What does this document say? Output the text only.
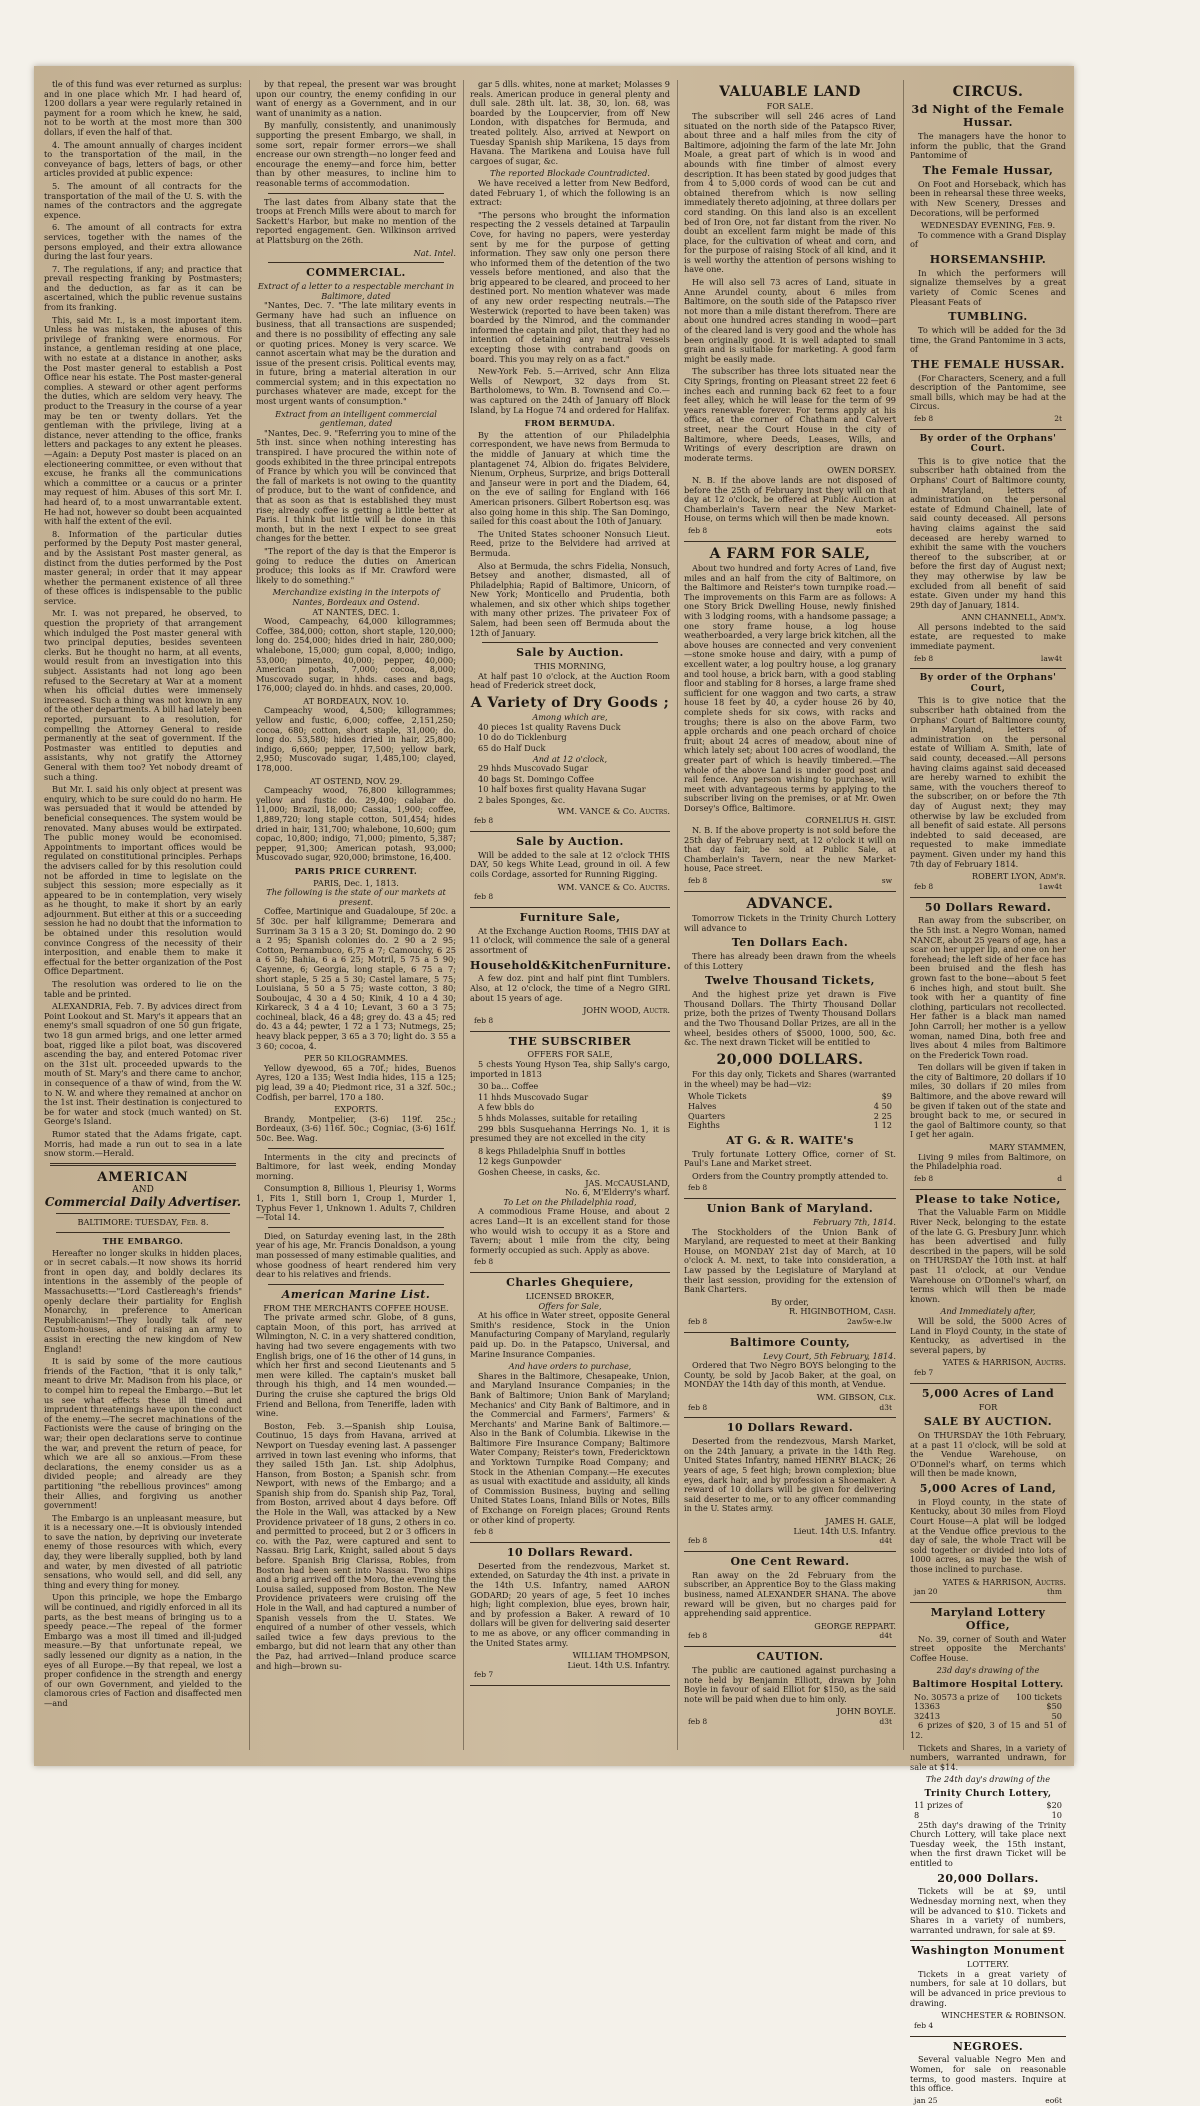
tle of this fund was ever returned as surplus: and in one place which Mr. I had heard of, 1200 dollars a year were regularly retained in payment for a room which he knew, he said, not to be worth at the most more than 300 dollars, if even the half of that.

4. The amount annually of charges incident to the transportation of the mail, in the conveyance of bags, letters of bags, or other articles provided at public expence:

5. The amount of all contracts for the transportation of the mail of the U. S. with the names of the contractors and the aggregate expence.

6. The amount of all contracts for extra services, together with the names of the persons employed, and their extra allowance during the last four years.

7. The regulations, if any; and practice that prevail respecting franking by Postmasters; and the deduction, as far as it can be ascertained, which the public revenue sustains from its franking.

This, said Mr. I., is a most important item. Unless he was mistaken, the abuses of this privilege of franking were enormous. For instance, a gentleman residing at one place, with no estate at a distance in another, asks the Post master general to establish a Post Office near his estate. The Post master-general complies. A steward or other agent performs the duties, which are seldom very heavy. The product to the Treasury in the course of a year may be ten or twenty dollars. Yet the gentleman with the privilege, living at a distance, never attending to the office, franks letters and packages to any extent he pleases.—Again: a Deputy Post master is placed on an electioneering committee, or even without that excuse, he franks all the communications which a committee or a caucus or a printer may request of him. Abuses of this sort Mr. I. had heard of, to a most unwarrantable extent. He had not, however so doubt been acquainted with half the extent of the evil.

8. Information of the particular duties performed by the Deputy Post master general, and by the Assistant Post master general, as distinct from the duties performed by the Post master general; in order that it may appear whether the permanent existence of all three of these offices is indispensable to the public service.

Mr. I. was not prepared, he observed, to question the propriety of that arrangement which indulged the Post master general with two principal deputies, besides seventeen clerks. But he thought no harm, at all events, would result from an investigation into this subject. Assistants had not long ago been refused to the Secretary at War at a moment when his official duties were immensely increased. Such a thing was not known in any of the other departments. A bill had lately been reported, pursuant to a resolution, for compelling the Attorney General to reside permanently at the seat of government. If the Postmaster was entitled to deputies and assistants, why not gratify the Attorney General with them too? Yet nobody dreamt of such a thing.

But Mr. I. said his only object at present was enquiry, which to be sure could do no harm. He was persuaded that it would be attended by beneficial consequences. The system would be renovated. Many abuses would be extirpated. The public money would be economised. Appointments to important offices would be regulated on constitutional principles. Perhaps the advisers called for by this resolution could not be afforded in time to legislate on the subject this session; more especially as it appeared to be in contemplation, very wisely as he thought, to make it short by an early adjournment. But either at this or a succeeding session he had no doubt that the information to be obtained under this resolution would convince Congress of the necessity of their interposition, and enable them to make it effectual for the better organization of the Post Office Department.

The resolution was ordered to lie on the table and be printed.

ALEXANDRIA, Feb. 7. By advices direct from Point Lookout and St. Mary's it appears that an enemy's small squadron of one 50 gun frigate, two 18 gun armed brigs, and one letter armed boat, rigged like a pilot boat, was discovered ascending the bay, and entered Potomac river on the 31st ult. proceeded upwards to the mouth of St. Mary's and there came to anchor, in consequence of a thaw of wind, from the W. to N. W. and where they remained at anchor on the 1st inst. Their destination is conjectured to be for water and stock (much wanted) on St. George's Island.

Rumor stated that the Adams frigate, capt. Morris, had made a run out to sea in a late snow storm.—Herald.

AMERICAN
AND
Commercial Daily Advertiser.
BALTIMORE: TUESDAY, Feb. 8.
THE EMBARGO.

Hereafter no longer skulks in hidden places, or in secret cabals.—It now shows its horrid front in open day, and boldly declares its intentions in the assembly of the people of Massachusetts:—"Lord Castlereagh's friends" openly declare their partiality for English Monarchy, in preference to American Republicanism!—They loudly talk of new Custom-houses, and of raising an army to assist in erecting the new kingdom of New England!

It is said by some of the more cautious friends of the Faction, "that it is only talk," meant to drive Mr. Madison from his place, or to compel him to repeal the Embargo.—But let us see what effects these ill timed and imprudent threatenings have upon the conduct of the enemy.—The secret machinations of the Factionists were the cause of bringing on the war; their open declarations serve to continue the war, and prevent the return of peace, for which we are all so anxious.—From these declarations, the enemy consider us as a divided people; and already are they partitioning "the rebellious provinces" among their Allies, and forgiving us another government!

The Embargo is an unpleasant measure, but it is a necessary one.—It is obviously intended to save the nation, by depriving our inveterate enemy of those resources with which, every day, they were liberally supplied, both by land and water, by men divested of all patriotic sensations, who would sell, and did sell, any thing and every thing for money.

Upon this principle, we hope the Embargo will be continued, and rigidly enforced in all its parts, as the best means of bringing us to a speedy peace.—The repeal of the former Embargo was a most ill timed and ill-judged measure.—By that unfortunate repeal, we sadly lessened our dignity as a nation, in the eyes of all Europe.—By that repeal, we lost a proper confidence in the strength and energy of our own Government, and yielded to the clamorous cries of Faction and disaffected men—and

by that repeal, the present war was brought upon our country, the enemy confiding in our want of energy as a Government, and in our want of unanimity as a nation.

By manfully, consistently, and unanimously supporting the present Embargo, we shall, in some sort, repair former errors—we shall encrease our own strength—no longer feed and encourage the enemy—and force him, better than by other measures, to incline him to reasonable terms of accommodation.

The last dates from Albany state that the troops at French Mills were about to march for Sackett's Harbor, but make no mention of the reported engagement. Gen. Wilkinson arrived at Plattsburg on the 26th.

Nat. Intel.
COMMERCIAL.
Extract of a letter to a respectable merchant in Baltimore, dated

"Nantes, Dec. 7. "The late military events in Germany have had such an influence on business, that all transactions are suspended; and there is no possibility of effecting any sale or quoting prices. Money is very scarce. We cannot ascertain what may be the duration and issue of the present crisis. Political events may, in future, bring a material alteration in our commercial system; and in this expectation no purchases whatever are made, except for the most urgent wants of consumption."

Extract from an intelligent commercial gentleman, dated

"Nantes, Dec. 9. "Referring you to mine of the 5th inst. since when nothing interesting has transpired. I have procured the within note of goods exhibited in the three principal entrepots of France by which you will be convinced that the fall of markets is not owing to the quantity of produce, but to the want of confidence, and that as soon as that is established they must rise; already coffee is getting a little better at Paris. I think but little will be done in this month, but in the next I expect to see great changes for the better.

"The report of the day is that the Emperor is going to reduce the duties on American produce; this looks as if Mr. Crawford were likely to do something."

Merchandize existing in the interpots of Nantes, Bordeaux and Ostend.
AT NANTES, DEC. 1.

Wood, Campeachy, 64,000 killogrammes; Coffee, 384,000; cotton, short staple, 120,000; long do. 254,000; hides dried in hair, 280,000; whalebone, 15,000; gum copal, 8,000; indigo, 53,000; pimento, 40,000; pepper, 40,000; American potash, 7,000; cocoa, 8,000; Muscovado sugar, in hhds. cases and bags, 176,000; clayed do. in hhds. and cases, 20,000.

AT BORDEAUX, NOV. 10.

Campeachy wood, 4,500; killogrammes; yellow and fustic, 6,000; coffee, 2,151,250; cocoa, 680; cotton, short staple, 31,000; do. long do. 53,580; hides dried in hair, 25,800; indigo, 6,660; pepper, 17,500; yellow bark, 2,950; Muscovado sugar, 1,485,100; clayed, 178,000.

AT OSTEND, NOV. 29.

Campeachy wood, 76,800 killogrammes; yellow and fustic do. 29,400; calabar do. 11,000; Brazil, 18,000; Cassia, 1,900; coffee, 1,889,720; long staple cotton, 501,454; hides dried in hair, 131,700; whalebone, 10,600; gum copac, 10,800; indigo, 71,000; pimento, 5,387; pepper, 91,300; American potash, 93,000; Muscovado sugar, 920,000; brimstone, 16,400.

PARIS PRICE CURRENT.
PARIS, Dec. 1, 1813.
The following is the state of our markets at present.

Coffee, Martinique and Guadaloupe, 5f 20c. a 5f 30c. per half killgramme; Demerara and Surrinam 3a 3 15 a 3 20; St. Domingo do. 2 90 a 2 95; Spanish colonies do. 2 90 a 2 95; Cotton, Pernambuco, 6,75 a 7; Camouchy, 6 25 a 6 50; Bahia, 6 a 6 25; Motril, 5 75 a 5 90; Cayenne, 6; Georgia, long staple, 6 75 a 7; short staple, 5 25 a 5 30; Castel lamare, 5 75; Louisiana, 5 50 a 5 75; waste cotton, 3 80; Souboujac, 4 30 a 4 50; Kinik, 4 10 a 4 30; Kirkareck, 3 4 a 4 10; Levant, 3 60 a 3 75; cochineal, black, 46 a 48; grey do. 43 a 45; red do. 43 a 44; pewter, 1 72 a 1 73; Nutmegs, 25; heavy black pepper, 3 65 a 3 70; light do. 3 55 a 3 60; cocoa, 4.

PER 50 KILOGRAMMES.

Yellow dyewood, 65 a 70f.; hides, Buenos Ayres, 120 a 135; West India hides, 115 a 125; pig lead, 39 a 40; Piedmont rice, 31 a 32f. 50c.; Codfish, per barrel, 170 a 180.

EXPORTS.

Brandy, Montpelier, (3-6) 119f. 25c.; Bordeaux, (3-6) 116f. 50c.; Cogniac, (3-6) 161f. 50c. Bee. Wag.

Interments in the city and precincts of Baltimore, for last week, ending Monday morning.

Consumption 8, Billious 1, Pleurisy 1, Worms 1, Fits 1, Still born 1, Croup 1, Murder 1, Typhus Fever 1, Unknown 1. Adults 7, Children—Total 14.

Died, on Saturday evening last, in the 28th year of his age, Mr. Francis Donaldson, a young man possessed of many estimable qualities, and whose goodness of heart rendered him very dear to his relatives and friends.

American Marine List.
FROM THE MERCHANTS COFFEE HOUSE.

The private armed schr. Globe, of 8 guns, captain Moon, of this port, has arrived at Wilmington, N. C. in a very shattered condition, having had two severe engagements with two English brigs, one of 16 the other of 14 guns, in which her first and second Lieutenants and 5 men were killed. The captain's musket ball through his thigh, and 14 men wounded.—During the cruise she captured the brigs Old Friend and Bellona, from Teneriffe, laden with wine.

Boston, Feb. 3.—Spanish ship Louisa, Coutinuo, 15 days from Havana, arrived at Newport on Tuesday evening last. A passenger arrived in town last evening who informs, that they sailed 15th Jan. Lst. ship Adolphus, Hanson, from Boston; a Spanish schr. from Newport, with news of the Embargo; and a Spanish ship from do. Spanish ship Paz, Toral, from Boston, arrived about 4 days before. Off the Hole in the Wall, was attacked by a New Providence privateer of 18 guns, 2 others in co. and permitted to proceed, but 2 or 3 officers in co. with the Paz, were captured and sent to Nassau. Brig Lark, Knight, sailed about 5 days before. Spanish Brig Clarissa, Robles, from Boston had been sent into Nassau. Two ships and a brig arrived off the Moro, the evening the Louisa sailed, supposed from Boston. The New Providence privateers were cruising off the Hole in the Wall, and had captured a number of Spanish vessels from the U. States. We enquired of a number of other vessels, which sailed twice a few days previous to the embargo, but did not learn that any other than the Paz, had arrived—Inland produce scarce and high—brown su-

gar 5 dlls. whites, none at market; Molasses 9 reals. American produce in general plenty and dull sale. 28th ult. lat. 38, 30, lon. 68, was boarded by the Loupcervier, from off New London, with dispatches for Bermuda, and treated politely. Also, arrived at Newport on Tuesday Spanish ship Marikena, 15 days from Havana. The Marikena and Louisa have full cargoes of sugar, &c.

The reported Blockade Countradicted.

We have received a letter from New Bedford, dated February 1, of which the following is an extract:

"The persons who brought the information respecting the 2 vessels detained at Tarpaulin Cove, for having no papers, were yesterday sent by me for the purpose of getting information. They saw only one person there who informed them of the detention of the two vessels before mentioned, and also that the brig appeared to be cleared, and proceed to her destined port. No mention whatever was made of any new order respecting neutrals.—The Westerwick (reported to have been taken) was boarded by the Nimrod, and the commander informed the captain and pilot, that they had no intention of detaining any neutral vessels excepting those with contraband goods on board. This you may rely on as a fact."

New-York Feb. 5.—Arrived, schr Ann Eliza Wells of Newport, 32 days from St. Bartholomews, to Wm. B. Townsend and Co.—was captured on the 24th of January off Block Island, by La Hogue 74 and ordered for Halifax.

FROM BERMUDA.

By the attention of our Philadelphia correspondent, we have news from Bermuda to the middle of January at which time the plantagenet 74, Albion do. frigates Belvidere, Nienum, Orpheus, Surprize, and brigs Dotterall and Janseur were in port and the Diadem, 64, on the eve of sailing for England with 166 American prisoners. Gilbert Robertson esq. was also going home in this ship. The San Domingo, sailed for this coast about the 10th of January.

The United States schooner Nonsuch Lieut. Reed, prize to the Belvidere had arrived at Bermuda.

Also at Bermuda, the schrs Fidelia, Nonsuch, Betsey and another, dismasted, all of Philadelphia; Rapid of Baltimore, Unicorn, of New York; Monticello and Prudentia, both whalemen, and six other which ships together with many other prizes. The privateer Fox of Salem, had been seen off Bermuda about the 12th of January.

Sale by Auction.
THIS MORNING,

At half past 10 o'clock, at the Auction Room head of Frederick street dock,

A Variety of Dry Goods ;
Among which are,
40 pieces 1st quality Ravens Duck
10 do do Ticklenburg
65 do Half Duck
And at 12 o'clock,
29 hhds Muscovado Sugar
40 bags St. Domingo Coffee
10 half boxes first quality Havana Sugar
2 bales Sponges, &c.
WM. VANCE & Co. Auctrs.
feb 8
Sale by Auction.

Will be added to the sale at 12 o'clock THIS DAY, 50 kegs White Lead, ground in oil. A few coils Cordage, assorted for Running Rigging.

WM. VANCE & Co. Auctrs.
feb 8
Furniture Sale,

At the Exchange Auction Rooms, THIS DAY at 11 o'clock, will commence the sale of a general assortment of

Household&KitchenFurniture.

A few doz. pint and half pint flint Tumblers. Also, at 12 o'clock, the time of a Negro GIRL about 15 years of age.

JOHN WOOD, Auctr.
feb 8
THE SUBSCRIBER
OFFERS FOR SALE,

5 chests Young Hyson Tea, ship Sally's cargo, imported in 1813

30 ba... Coffee
11 hhds Muscovado Sugar
A few bbls do
5 hhds Molasses, suitable for retailing

299 bbls Susquehanna Herrings No. 1, it is presumed they are not excelled in the city

8 kegs Philadelphia Snuff in bottles
12 kegs Gunpowder
Goshen Cheese, in casks, &c.
JAS. McCAUSLAND,
No. 6, M'Elderry's wharf.
To Let on the Philadelphia road,

A commodious Frame House, and about 2 acres Land—It is an excellent stand for those who would wish to occupy it as a Store and Tavern; about 1 mile from the city, being formerly occupied as such. Apply as above.

feb 8
Charles Ghequiere,
LICENSED BROKER,
Offers for Sale,

At his office in Water street, opposite General Smith's residence, Stock in the Union Manufacturing Company of Maryland, regularly paid up. Do. in the Patapsco, Universal, and Marine Insurance Companies.

And have orders to purchase,

Shares in the Baltimore, Chesapeake, Union, and Maryland Insurance Companies; in the Bank of Baltimore; Union Bank of Maryland; Mechanics' and City Bank of Baltimore, and in the Commercial and Farmers', Farmers' & Merchants' and Marine Bank of Baltimore.—Also in the Bank of Columbia. Likewise in the Baltimore Fire Insurance Company; Baltimore Water Company; Reister's town, Fredericktown and Yorktown Turnpike Road Company; and Stock in the Athenian Company.—He executes as usual with exactitude and assiduity, all kinds of Commission Business, buying and selling United States Loans, Inland Bills or Notes, Bills of Exchange on Foreign places; Ground Rents or other kind of property.

feb 8
10 Dollars Reward.

Deserted from the rendezvous, Market st. extended, on Saturday the 4th inst. a private in the 14th U.S. Infantry, named AARON GODARD; 20 years of age, 5 feet 10 inches high; light complexion, blue eyes, brown hair, and by profession a Baker. A reward of 10 dollars will be given for delivering said deserter to me as above, or any officer commanding in the United States army.

WILLIAM THOMPSON,
Lieut. 14th U.S. Infantry.
feb 7
VALUABLE LAND
FOR SALE.

The subscriber will sell 246 acres of Land situated on the north side of the Patapsco River, about three and a half miles from the city of Baltimore, adjoining the farm of the late Mr. John Moale, a great part of which is in wood and abounds with fine timber of almost every description. It has been stated by good judges that from 4 to 5,000 cords of wood can be cut and obtained therefrom which is now selling immediately thereto adjoining, at three dollars per cord standing. On this land also is an excellent bed of Iron Ore, not far distant from the river. No doubt an excellent farm might be made of this place, for the cultivation of wheat and corn, and for the purpose of raising Stock of all kind, and it is well worthy the attention of persons wishing to have one.

He will also sell 73 acres of Land, situate in Anne Arundel county, about 6 miles from Baltimore, on the south side of the Patapsco river not more than a mile distant therefrom. There are about one hundred acres standing in wood—part of the cleared land is very good and the whole has been originally good. It is well adapted to small grain and is suitable for marketing. A good farm might be easily made.

The subscriber has three lots situated near the City Springs, fronting on Pleasant street 22 feet 6 inches each and running back 62 feet to a four feet alley, which he will lease for the term of 99 years renewable forever. For terms apply at his office, at the corner of Chatham and Calvert street, near the Court House in the city of Baltimore, where Deeds, Leases, Wills, and Writings of every description are drawn on moderate terms.

OWEN DORSEY.

N. B. If the above lands are not disposed of before the 25th of February inst they will on that day at 12 o'clock, be offered at Public Auction at Chamberlain's Tavern near the New Market-House, on terms which will then be made known.

feb 8	eots
A FARM FOR SALE,

About two hundred and forty Acres of Land, five miles and an half from the city of Baltimore, on the Baltimore and Reister's town turnpike road.—The improvements on this Farm are as follows: A one Story Brick Dwelling House, newly finished with 3 lodging rooms, with a handsome passage; a one story frame house, a log house weatherboarded, a very large brick kitchen, all the above houses are connected and very convenient—stone smoke house and dairy, with a pump of excellent water, a log poultry house, a log granary and tool house, a brick barn, with a good stabling floor and stabling for 8 horses, a large frame shed sufficient for one waggon and two carts, a straw house 18 feet by 40, a cyder house 26 by 40, complete sheds for six cows, with racks and troughs; there is also on the above Farm, two apple orchards and one peach orchard of choice fruit; about 24 acres of meadow, about nine of which lately set; about 100 acres of woodland, the greater part of which is heavily timbered.—The whole of the above Land is under good post and rail fence. Any person wishing to purchase, will meet with advantageous terms by applying to the subscriber living on the premises, or at Mr. Owen Dorsey's Office, Baltimore.

CORNELIUS H. GIST.

N. B. If the above property is not sold before the 25th day of February next, at 12 o'clock it will on that day fair, be sold at Public Sale, at Chamberlain's Tavern, near the new Market-house, Pace street.

feb 8	sw
ADVANCE.

Tomorrow Tickets in the Trinity Church Lottery will advance to

Ten Dollars Each.

There has already been drawn from the wheels of this Lottery

Twelve Thousand Tickets,

And the highest prize yet drawn is Five Thousand Dollars. The Thirty Thousand Dollar prize, both the prizes of Twenty Thousand Dollars and the Two Thousand Dollar Prizes, are all in the wheel, besides others of $5000, 1000, 500, &c. &c. The next drawn Ticket will be entitled to

20,000 DOLLARS.

For this day only, Tickets and Shares (warranted in the wheel) may be had—viz:

Whole Tickets	$9
Halves	4 50
Quarters	2 25
Eighths	1 12
AT G. & R. WAITE's

Truly fortunate Lottery Office, corner of St. Paul's Lane and Market street.

Orders from the Country promptly attended to.

feb 8
Union Bank of Maryland.
February 7th, 1814.

The Stockholders of the Union Bank of Maryland, are requested to meet at their Banking House, on MONDAY 21st day of March, at 10 o'clock A. M. next, to take into consideration, a Law passed by the Legislature of Maryland at their last session, providing for the extension of Bank Charters.

By order,
R. HIGINBOTHOM, Cash.
feb 8	2aw5w-e.lw
Baltimore County,
Levy Court, 5th February, 1814.

Ordered that Two Negro BOYS belonging to the County, be sold by Jacob Baker, at the goal, on MONDAY the 14th day of this month, at Vendue.

WM. GIBSON, Clk.
feb 8	d3t
10 Dollars Reward.

Deserted from the rendezvous, Marsh Market, on the 24th January, a private in the 14th Reg. United States Infantry, named HENRY BLACK; 26 years of age, 5 feet high; brown complexion; blue eyes, dark hair, and by profession a Shoemaker. A reward of 10 dollars will be given for delivering said deserter to me, or to any officer commanding in the U. States army.

JAMES H. GALE,
Lieut. 14th U.S. Infantry.
feb 8	d4t
One Cent Reward.

Ran away on the 2d February from the subscriber, an Apprentice Boy to the Glass making business, named ALEXANDER SHANA. The above reward will be given, but no charges paid for apprehending said apprentice.

GEORGE REPPART.
feb 8	d4t
CAUTION.

The public are cautioned against purchasing a note held by Benjamin Elliott, drawn by John Boyle in favour of said Elliot for $150, as the said note will be paid when due to him only.

JOHN BOYLE.
feb 8	d3t
CIRCUS.
3d Night of the Female Hussar.

The managers have the honor to inform the public, that the Grand Pantomime of

The Female Hussar,

On Foot and Horseback, which has been in rehearsal these three weeks, with New Scenery, Dresses and Decorations, will be performed

WEDNESDAY EVENING, Feb. 9.

To commence with a Grand Display of

HORSEMANSHIP.

In which the performers will signalize themselves by a great variety of Comic Scenes and Pleasant Feats of

TUMBLING.

To which will be added for the 3d time, the Grand Pantomime in 3 acts, of

THE FEMALE HUSSAR.

(For Characters, Scenery, and a full description of the Pantomime, see small bills, which may be had at the Circus.

feb 8	2t
By order of the Orphans' Court.

This is to give notice that the subscriber hath obtained from the Orphans' Court of Baltimore county, in Maryland, letters of administration on the personal estate of Edmund Chainell, late of said county deceased. All persons having claims against the said deceased are hereby warned to exhibit the same with the vouchers thereof to the subscriber, at or before the first day of August next; they may otherwise by law be excluded from all benefit of said estate. Given under my hand this 29th day of January, 1814.

ANN CHANNELL, Adm'x.

All persons indebted to the said estate, are requested to make immediate payment.

feb 8	law4t
By order of the Orphans' Court,

This is to give notice that the subscriber hath obtained from the Orphans' Court of Baltimore county, in Maryland, letters of administration on the personal estate of William A. Smith, late of said county, deceased.—All persons having claims against said deceased are hereby warned to exhibit the same, with the vouchers thereof to the subscriber, on or before the 7th day of August next; they may otherwise by law be excluded from all benefit of said estate. All persons indebted to said deceased, are requested to make immediate payment. Given under my hand this 7th day of February 1814.

ROBERT LYON, Adm'r.
feb 8	1aw4t
50 Dollars Reward.

Ran away from the subscriber, on the 5th inst. a Negro Woman, named NANCE, about 25 years of age, has a scar on her upper lip, and one on her forehead; the left side of her face has been bruised and the flesh has grown fast to the bone—about 5 feet 6 inches high, and stout built. She took with her a quantity of fine clothing, particulars not recollected. Her father is a black man named John Carroll; her mother is a yellow woman, named Dina, both free and lives about 4 miles from Baltimore on the Frederick Town road.

Ten dollars will be given if taken in the city of Baltimore, 20 dollars if 10 miles, 30 dollars if 20 miles from Baltimore, and the above reward will be given if taken out of the state and brought back to me, or secured in the gaol of Baltimore county, so that I get her again.

MARY STAMMEN,

Living 9 miles from Baltimore, on the Philadelphia road.

feb 8	d
Please to take Notice,

That the Valuable Farm on Middle River Neck, belonging to the estate of the late G. G. Presbury Junr. which has been advertised and fully described in the papers, will be sold on THURSDAY the 10th inst. at half past 11 o'clock, at our Vendue Warehouse on O'Donnel's wharf, on terms which will then be made known.

And Immediately after,

Will be sold, the 5000 Acres of Land in Floyd County, in the state of Kentucky, as advertised in the several papers, by

YATES & HARRISON, Auctrs.
feb 7
5,000 Acres of Land
FOR
SALE BY AUCTION.

On THURSDAY the 10th February, at a past 11 o'clock, will be sold at the Vendue Warehouse, on O'Donnel's wharf, on terms which will then be made known,

5,000 Acres of Land,

in Floyd county, in the state of Kentucky, about 30 miles from Floyd Court House—A plat will be lodged at the Vendue office previous to the day of sale, the whole Tract will be sold together or divided into lots of 1000 acres, as may be the wish of those inclined to purchase.

YATES & HARRISON, Auctrs.
jan 20	thm
Maryland Lottery Office,

No. 39, corner of South and Water street opposite the Merchants' Coffee House.

23d day's drawing of the
Baltimore Hospital Lottery.
No. 30573 a prize of	100 tickets
13363	$50
32413	50

6 prizes of $20, 3 of 15 and 51 of 12.

Tickets and Shares, in a variety of numbers, warranted undrawn, for sale at $14.

The 24th day's drawing of the
Trinity Church Lottery,
11 prizes of	$20
8	10

25th day's drawing of the Trinity Church Lottery, will take place next Tuesday week, the 15th instant, when the first drawn Ticket will be entitled to

20,000 Dollars.

Tickets will be at $9, until Wednesday morning next, when they will be advanced to $10. Tickets and Shares in a variety of numbers, warranted undrawn, for sale at $9.

Washington Monument
LOTTERY.

Tickets in a great variety of numbers, for sale at 10 dollars, but will be advanced in price previous to drawing.

WINCHESTER & ROBINSON.
feb 4
NEGROES.

Several valuable Negro Men and Women, for sale on reasonable terms, to good masters. Inquire at this office.

jan 25	eo6t
